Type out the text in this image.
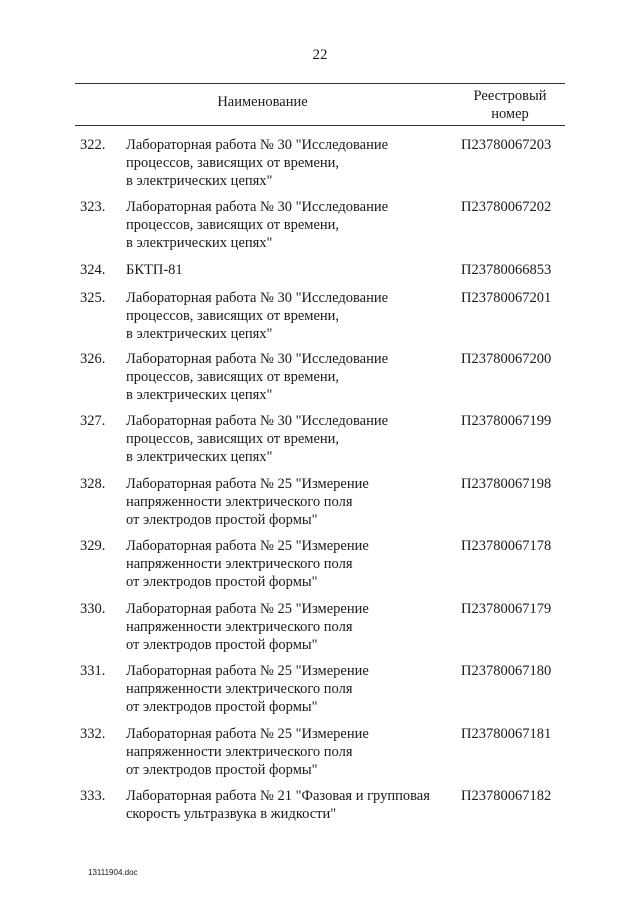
22
Наименование	Реестровый
номер
322.	Лабораторная работа № 30 "Исследование
процессов, зависящих от времени,
в электрических цепях"
П23780067203
323.	Лабораторная работа № 30 "Исследование
процессов, зависящих от времени,
в электрических цепях"
П23780067202
324.	БКТП-81	П23780066853
325.	Лабораторная работа № 30 "Исследование
процессов, зависящих от времени,
в электрических цепях"
П23780067201
326.	Лабораторная работа № 30 "Исследование
процессов, зависящих от времени,
в электрических цепях"
П23780067200
327.	Лабораторная работа № 30 "Исследование
процессов, зависящих от времени,
в электрических цепях"
П23780067199
328.	Лабораторная работа № 25 "Измерение
напряженности электрического поля
от электродов простой формы"
П23780067198
329.	Лабораторная работа № 25 "Измерение
напряженности электрического поля
от электродов простой формы"
П23780067178
330.	Лабораторная работа № 25 "Измерение
напряженности электрического поля
от электродов простой формы"
П23780067179
331.	Лабораторная работа № 25 "Измерение
напряженности электрического поля
от электродов простой формы"
П23780067180
332.	Лабораторная работа № 25 "Измерение
напряженности электрического поля
от электродов простой формы"
П23780067181
333.	Лабораторная работа № 21 "Фазовая и групповая
скорость ультразвука в жидкости"
П23780067182
13111904.doc
